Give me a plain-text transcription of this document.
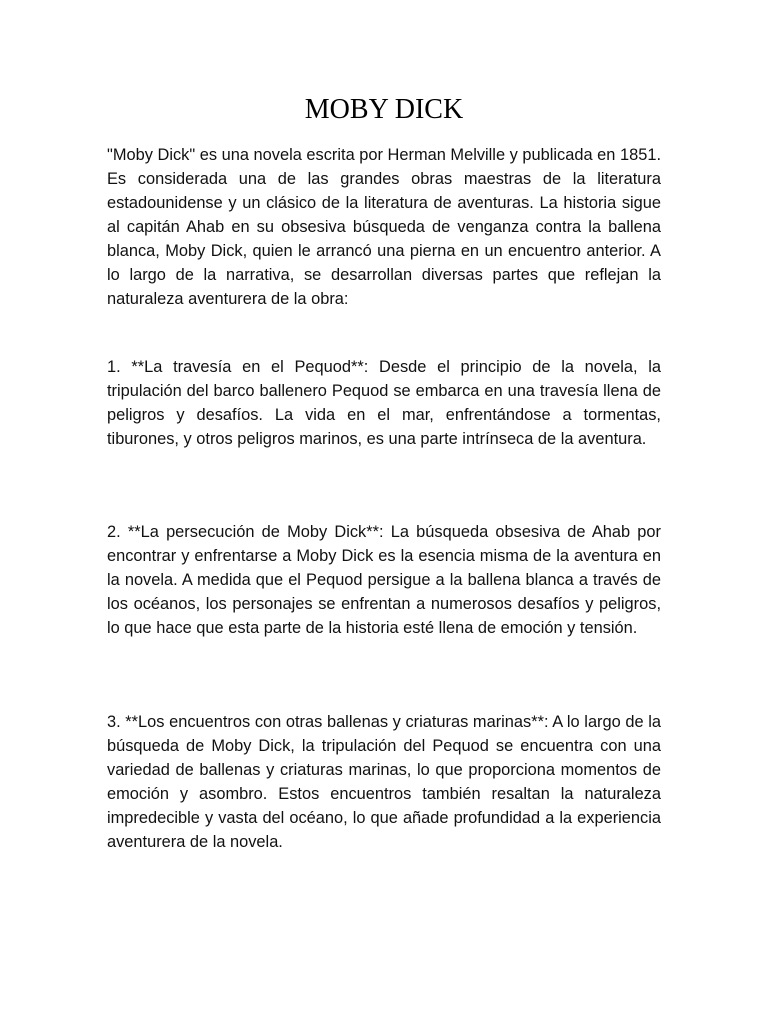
MOBY DICK

"Moby Dick" es una novela escrita por Herman Melville y publicada en 1851. Es considerada una de las grandes obras maestras de la literatura estadounidense y un clásico de la literatura de aventuras. La historia sigue al capitán Ahab en su obsesiva búsqueda de venganza contra la ballena blanca, Moby Dick, quien le arrancó una pierna en un encuentro anterior. A lo largo de la narrativa, se desarrollan diversas partes que reflejan la naturaleza aventurera de la obra:

1. **La travesía en el Pequod**: Desde el principio de la novela, la tripulación del barco ballenero Pequod se embarca en una travesía llena de peligros y desafíos. La vida en el mar, enfrentándose a tormentas, tiburones, y otros peligros marinos, es una parte intrínseca de la aventura.

2. **La persecución de Moby Dick**: La búsqueda obsesiva de Ahab por encontrar y enfrentarse a Moby Dick es la esencia misma de la aventura en la novela. A medida que el Pequod persigue a la ballena blanca a través de los océanos, los personajes se enfrentan a numerosos desafíos y peligros, lo que hace que esta parte de la historia esté llena de emoción y tensión.

3. **Los encuentros con otras ballenas y criaturas marinas**: A lo largo de la búsqueda de Moby Dick, la tripulación del Pequod se encuentra con una variedad de ballenas y criaturas marinas, lo que proporciona momentos de emoción y asombro. Estos encuentros también resaltan la naturaleza impredecible y vasta del océano, lo que añade profundidad a la experiencia aventurera de la novela.
